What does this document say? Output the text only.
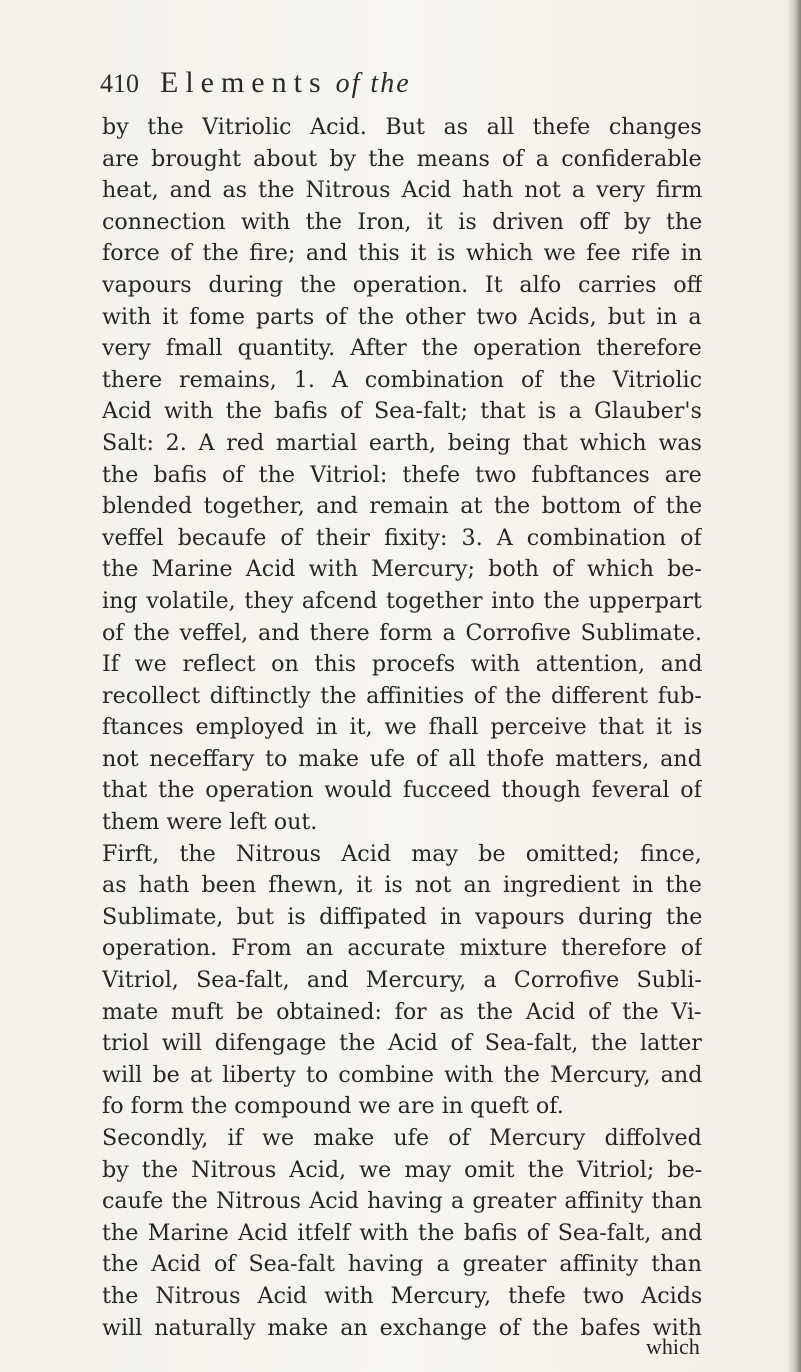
410 Elements of the
by the Vitriolic Acid. But as all thefe changes
are brought about by the means of a confiderable
heat, and as the Nitrous Acid hath not a very firm
connection with the Iron, it is driven off by the
force of the fire; and this it is which we fee rife in
vapours during the operation. It alfo carries off
with it fome parts of the other two Acids, but in a
very fmall quantity. After the operation therefore
there remains, 1. A combination of the Vitriolic
Acid with the bafis of Sea-falt; that is a Glauber's
Salt: 2. A red martial earth, being that which was
the bafis of the Vitriol: thefe two fubftances are
blended together, and remain at the bottom of the
veffel becaufe of their fixity: 3. A combination of
the Marine Acid with Mercury; both of which be-
ing volatile, they afcend together into the upperpart
of the veffel, and there form a Corrofive Sublimate.
If we reflect on this procefs with attention, and
recollect diftinctly the affinities of the different fub-
ftances employed in it, we fhall perceive that it is
not neceffary to make ufe of all thofe matters, and
that the operation would fucceed though feveral of
them were left out.
Firft, the Nitrous Acid may be omitted; fince,
as hath been fhewn, it is not an ingredient in the
Sublimate, but is diffipated in vapours during the
operation. From an accurate mixture therefore of
Vitriol, Sea-falt, and Mercury, a Corrofive Subli-
mate muft be obtained: for as the Acid of the Vi-
triol will difengage the Acid of Sea-falt, the latter
will be at liberty to combine with the Mercury, and
fo form the compound we are in queft of.
Secondly, if we make ufe of Mercury diffolved
by the Nitrous Acid, we may omit the Vitriol; be-
caufe the Nitrous Acid having a greater affinity than
the Marine Acid itfelf with the bafis of Sea-falt, and
the Acid of Sea-falt having a greater affinity than
the Nitrous Acid with Mercury, thefe two Acids
will naturally make an exchange of the bafes with
which
